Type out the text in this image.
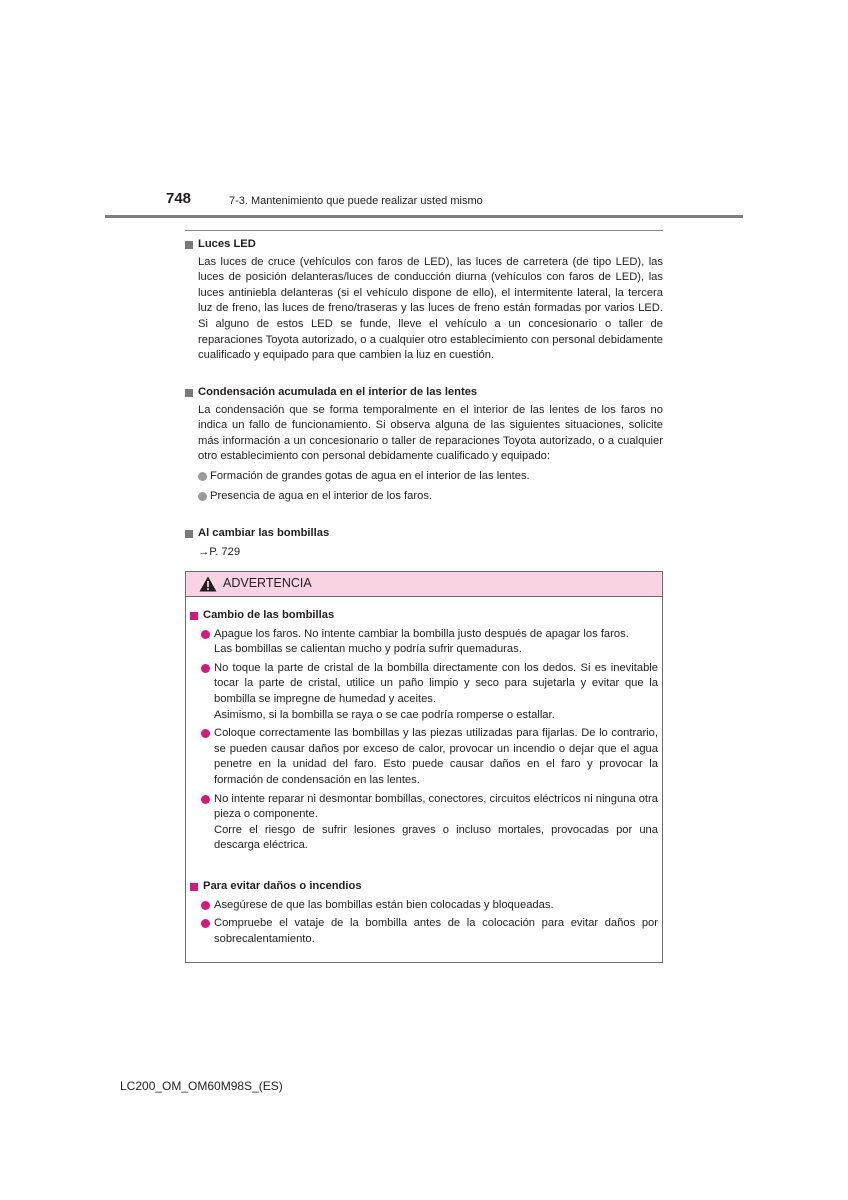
748	7-3. Mantenimiento que puede realizar usted mismo
Luces LED
Las luces de cruce (vehículos con faros de LED), las luces de carretera (de tipo LED), las luces de posición delanteras/luces de conducción diurna (vehículos con faros de LED), las luces antiniebla delanteras (si el vehículo dispone de ello), el intermitente lateral, la tercera luz de freno, las luces de freno/traseras y las luces de freno están formadas por varios LED. Si alguno de estos LED se funde, lleve el vehículo a un concesionario o taller de reparaciones Toyota autorizado, o a cualquier otro establecimiento con personal debidamente cualificado y equipado para que cambien la luz en cuestión.
Condensación acumulada en el interior de las lentes
La condensación que se forma temporalmente en el interior de las lentes de los faros no indica un fallo de funcionamiento. Si observa alguna de las siguientes situaciones, solicite más información a un concesionario o taller de reparaciones Toyota autorizado, o a cualquier otro establecimiento con personal debidamente cualificado y equipado:
Formación de grandes gotas de agua en el interior de las lentes.
Presencia de agua en el interior de los faros.
Al cambiar las bombillas
→P. 729
ADVERTENCIA
Cambio de las bombillas
Apague los faros. No intente cambiar la bombilla justo después de apagar los faros.
Las bombillas se calientan mucho y podría sufrir quemaduras.
No toque la parte de cristal de la bombilla directamente con los dedos. Si es inevitable tocar la parte de cristal, utilice un paño limpio y seco para sujetarla y evitar que la bombilla se impregne de humedad y aceites.
Asimismo, si la bombilla se raya o se cae podría romperse o estallar.
Coloque correctamente las bombillas y las piezas utilizadas para fijarlas. De lo contrario, se pueden causar daños por exceso de calor, provocar un incendio o dejar que el agua penetre en la unidad del faro. Esto puede causar daños en el faro y provocar la formación de condensación en las lentes.
No intente reparar ni desmontar bombillas, conectores, circuitos eléctricos ni ninguna otra pieza o componente.
Corre el riesgo de sufrir lesiones graves o incluso mortales, provocadas por una descarga eléctrica.
Para evitar daños o incendios
Asegúrese de que las bombillas están bien colocadas y bloqueadas.
Compruebe el vataje de la bombilla antes de la colocación para evitar daños por sobrecalentamiento.
LC200_OM_OM60M98S_(ES)
